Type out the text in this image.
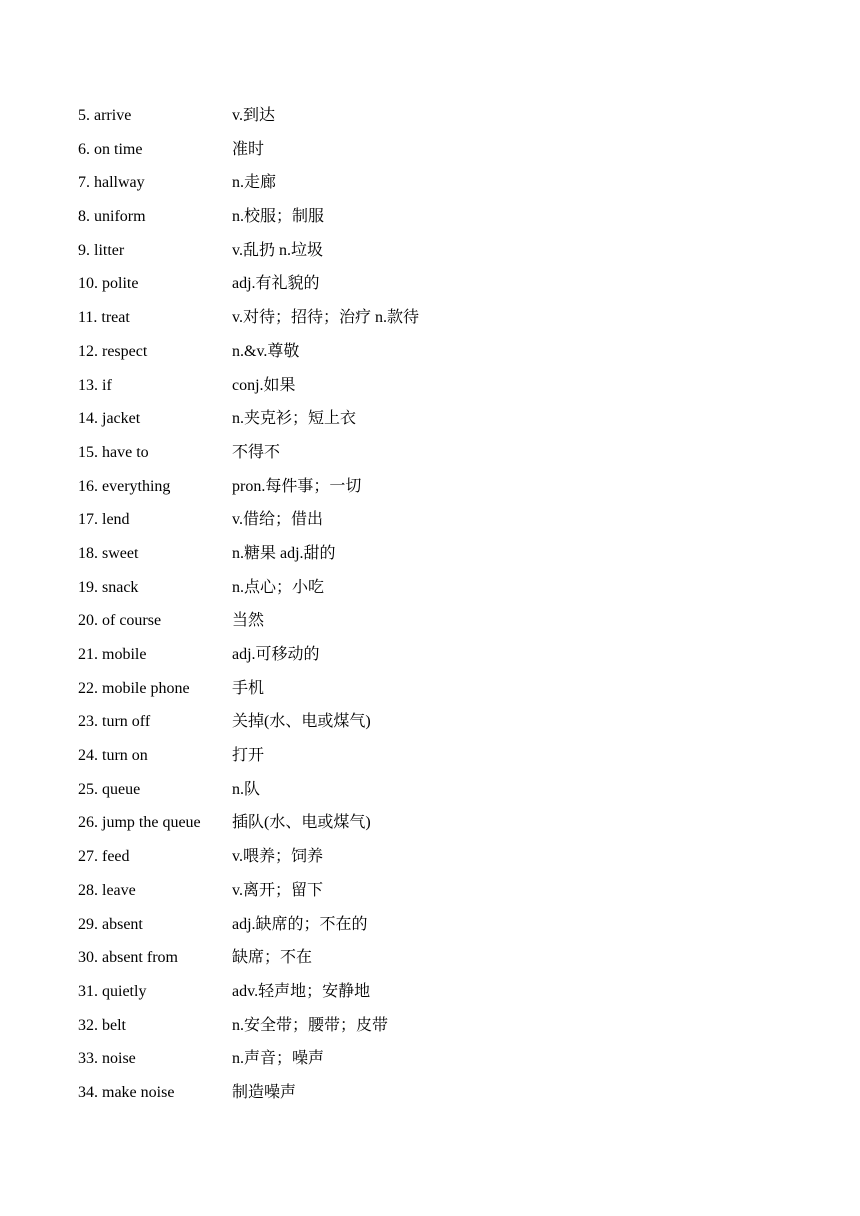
5. arrive	v.到达
6. on time	准时
7. hallway	n.走廊
8. uniform	n.校服；制服
9. litter	v.乱扔 n.垃圾
10. polite	adj.有礼貌的
11. treat	v.对待；招待；治疗 n.款待
12. respect	n.&v.尊敬
13. if	conj.如果
14. jacket	n.夹克衫；短上衣
15. have to	不得不
16. everything	pron.每件事；一切
17. lend	v.借给；借出
18. sweet	n.糖果 adj.甜的
19. snack	n.点心；小吃
20. of course	当然
21. mobile	adj.可移动的
22. mobile phone	手机
23. turn off	关掉(水、电或煤气)
24. turn on	打开
25. queue	n.队
26. jump the queue	插队(水、电或煤气)
27. feed	v.喂养；饲养
28. leave	v.离开；留下
29. absent	adj.缺席的；不在的
30. absent from	缺席；不在
31. quietly	adv.轻声地；安静地
32. belt	n.安全带；腰带；皮带
33. noise	n.声音；噪声
34. make noise	制造噪声
